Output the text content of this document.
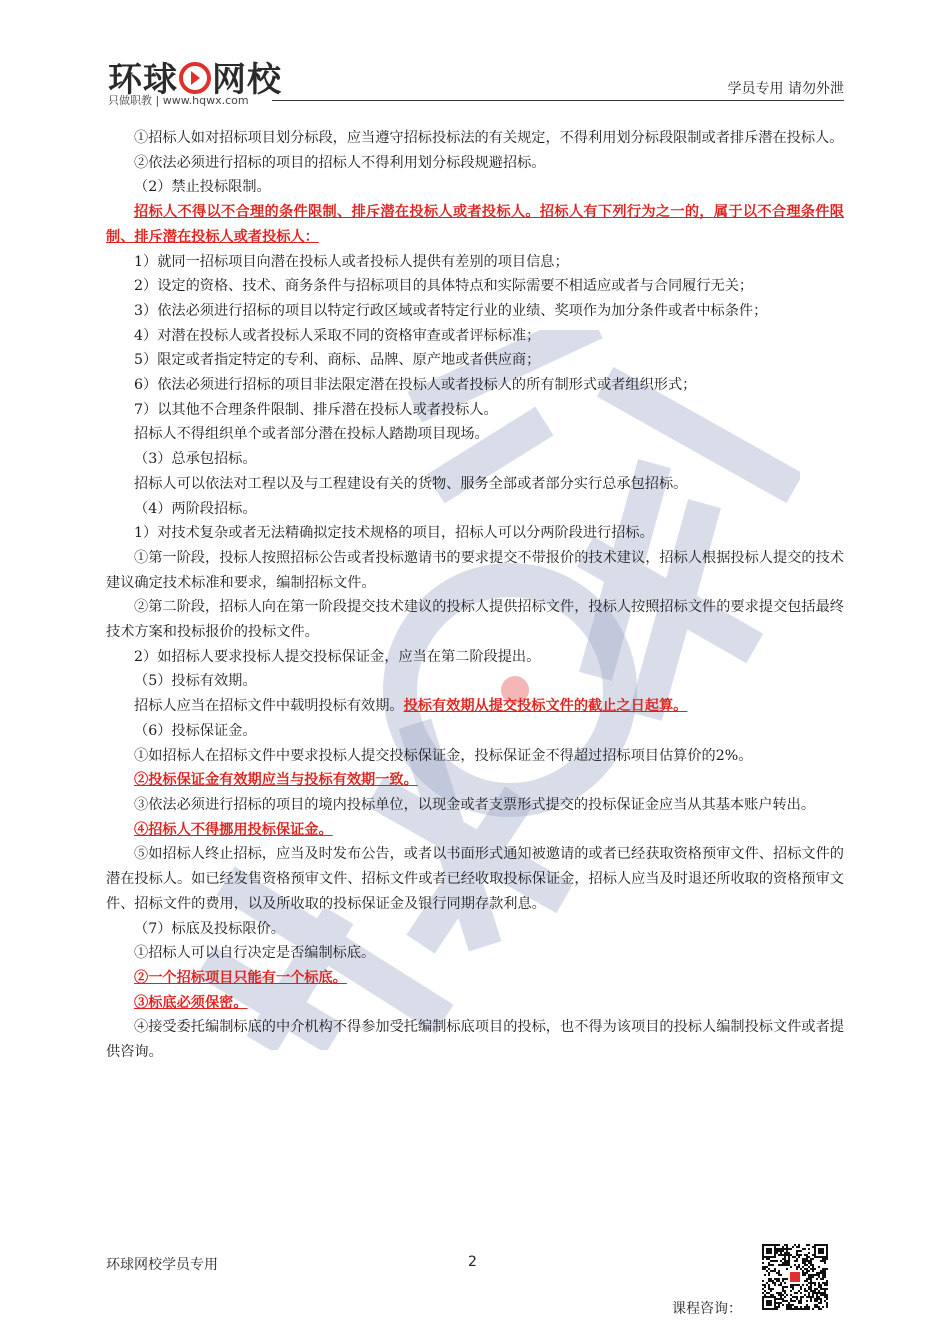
环球 网校
只做职教 | www.hqwx.com
学员专用 请勿外泄

①招标人如对招标项目划分标段，应当遵守招标投标法的有关规定，不得利用划分标段限制或者排斥潜在投标人。

②依法必须进行招标的项目的招标人不得利用划分标段规避招标。

（2）禁止投标限制。

招标人不得以不合理的条件限制、排斥潜在投标人或者投标人。招标人有下列行为之一的，属于以不合理条件限制、排斥潜在投标人或者投标人：

1）就同一招标项目向潜在投标人或者投标人提供有差别的项目信息；

2）设定的资格、技术、商务条件与招标项目的具体特点和实际需要不相适应或者与合同履行无关；

3）依法必须进行招标的项目以特定行政区域或者特定行业的业绩、奖项作为加分条件或者中标条件；

4）对潜在投标人或者投标人采取不同的资格审查或者评标标准；

5）限定或者指定特定的专利、商标、品牌、原产地或者供应商；

6）依法必须进行招标的项目非法限定潜在投标人或者投标人的所有制形式或者组织形式；

7）以其他不合理条件限制、排斥潜在投标人或者投标人。

招标人不得组织单个或者部分潜在投标人踏勘项目现场。

（3）总承包招标。

招标人可以依法对工程以及与工程建设有关的货物、服务全部或者部分实行总承包招标。

（4）两阶段招标。

1）对技术复杂或者无法精确拟定技术规格的项目，招标人可以分两阶段进行招标。

①第一阶段，投标人按照招标公告或者投标邀请书的要求提交不带报价的技术建议，招标人根据投标人提交的技术建议确定技术标准和要求，编制招标文件。

②第二阶段，招标人向在第一阶段提交技术建议的投标人提供招标文件，投标人按照招标文件的要求提交包括最终技术方案和投标报价的投标文件。

2）如招标人要求投标人提交投标保证金，应当在第二阶段提出。

（5）投标有效期。

招标人应当在招标文件中载明投标有效期。投标有效期从提交投标文件的截止之日起算。

（6）投标保证金。

①如招标人在招标文件中要求投标人提交投标保证金，投标保证金不得超过招标项目估算价的2%。

②投标保证金有效期应当与投标有效期一致。

③依法必须进行招标的项目的境内投标单位，以现金或者支票形式提交的投标保证金应当从其基本账户转出。

④招标人不得挪用投标保证金。

⑤如招标人终止招标，应当及时发布公告，或者以书面形式通知被邀请的或者已经获取资格预审文件、招标文件的潜在投标人。如已经发售资格预审文件、招标文件或者已经收取投标保证金，招标人应当及时退还所收取的资格预审文件、招标文件的费用，以及所收取的投标保证金及银行同期存款利息。

（7）标底及投标限价。

①招标人可以自行决定是否编制标底。

②一个招标项目只能有一个标底。

③标底必须保密。

④接受委托编制标底的中介机构不得参加受托编制标底项目的投标，也不得为该项目的投标人编制投标文件或者提供咨询。

环球网校学员专用	2
课程咨询：
